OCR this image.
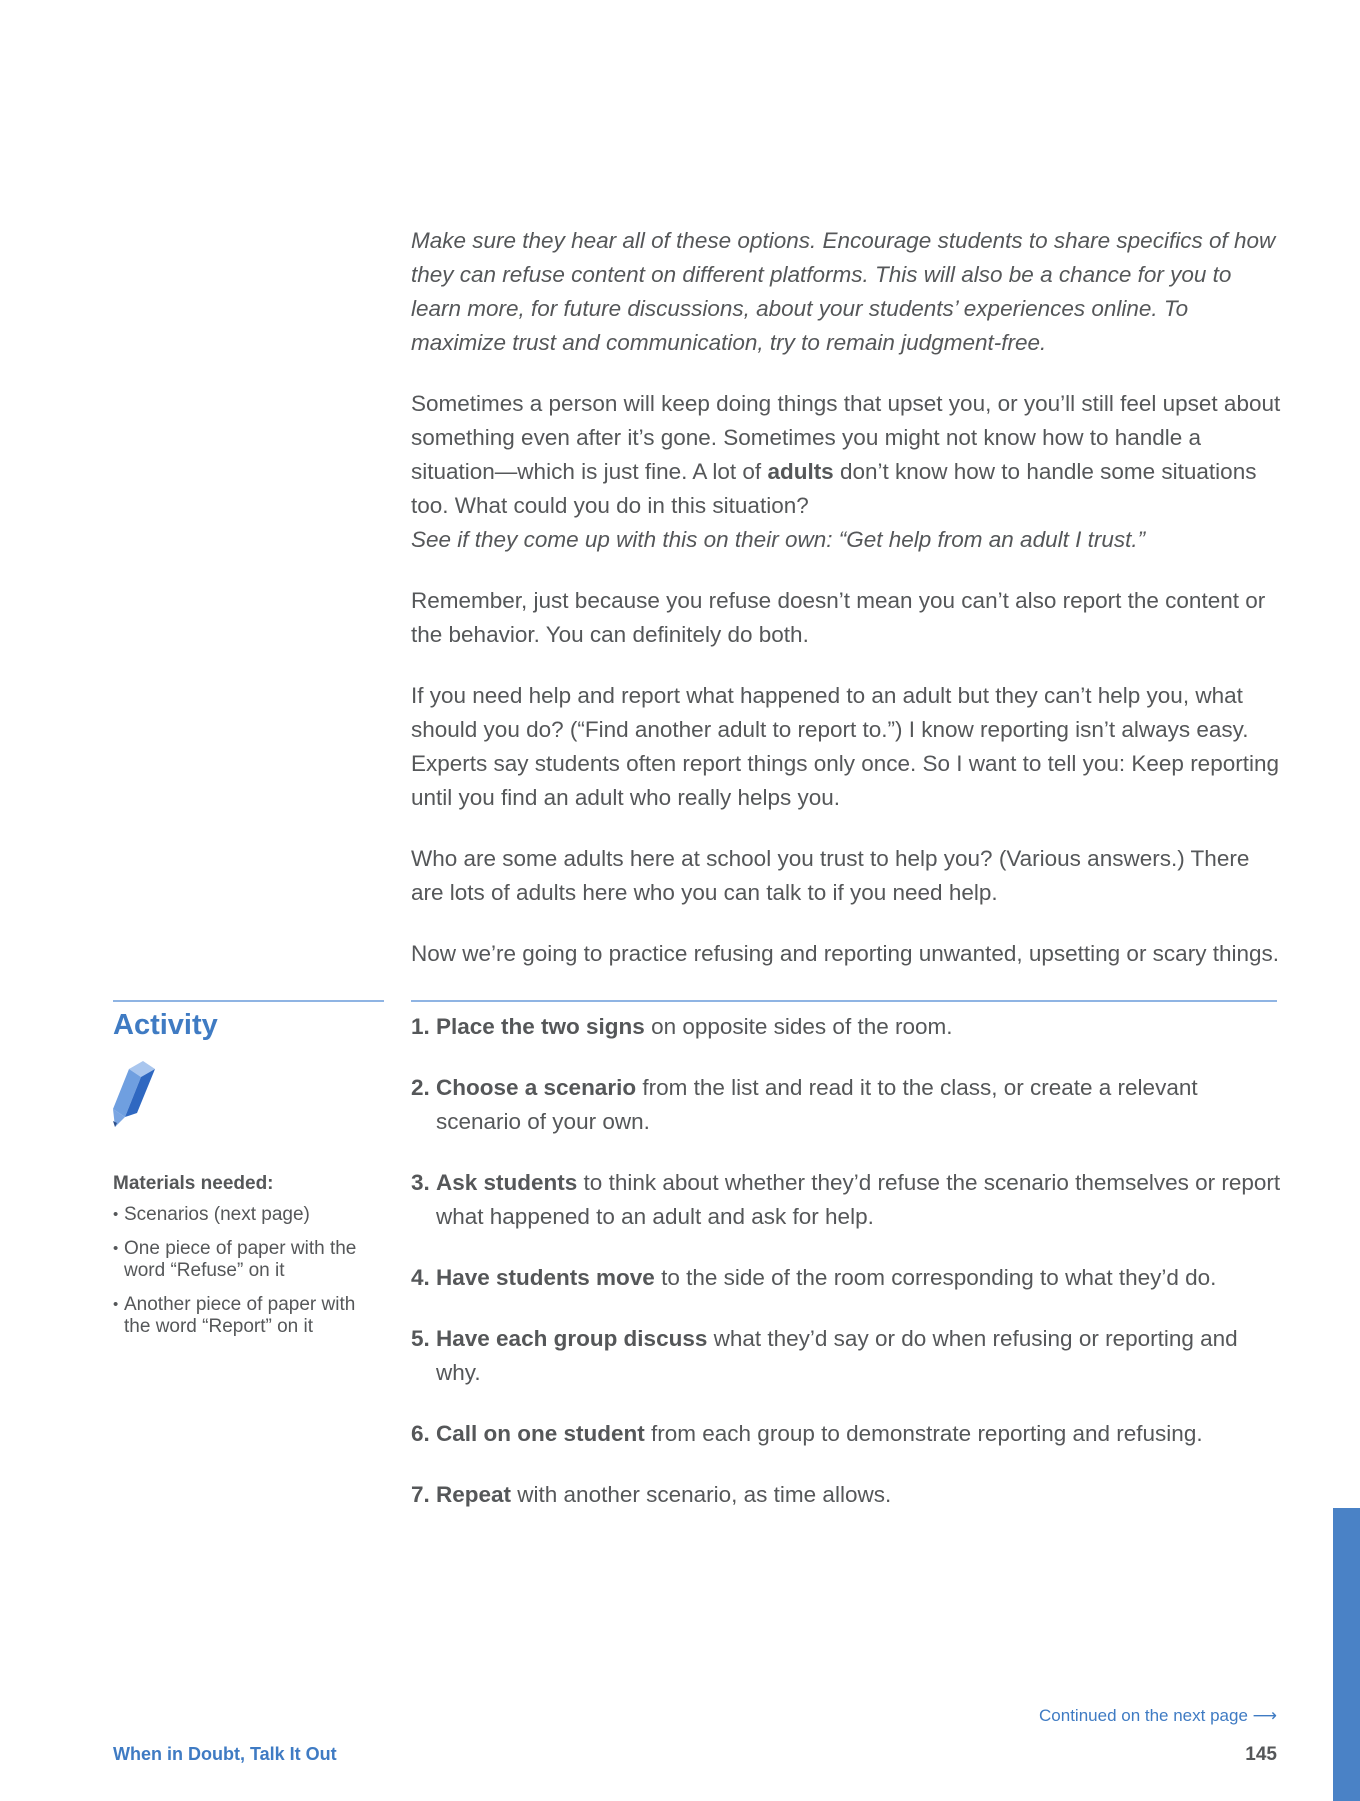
Make sure they hear all of these options. Encourage students to share specifics of how they can refuse content on different platforms. This will also be a chance for you to learn more, for future discussions, about your students’ experiences online. To maximize trust and communication, try to remain judgment-free.

Sometimes a person will keep doing things that upset you, or you’ll still feel upset about something even after it’s gone. Sometimes you might not know how to handle a situation—which is just fine. A lot of adults don’t know how to handle some situations too. What could you do in this situation?
See if they come up with this on their own: “Get help from an adult I trust.”

Remember, just because you refuse doesn’t mean you can’t also report the content or the behavior. You can definitely do both.

If you need help and report what happened to an adult but they can’t help you, what should you do? (“Find another adult to report to.”) I know reporting isn’t always easy. Experts say students often report things only once. So I want to tell you: Keep reporting until you find an adult who really helps you.

Who are some adults here at school you trust to help you? (Various answers.) There are lots of adults here who you can talk to if you need help.

Now we’re going to practice refusing and reporting unwanted, upsetting or scary things.

Activity
Materials needed:
• Scenarios (next page)
• One piece of paper with the word “Refuse” on it
• Another piece of paper with the word “Report” on it
1. Place the two signs on opposite sides of the room.
2. Choose a scenario from the list and read it to the class, or create a relevant scenario of your own.
3. Ask students to think about whether they’d refuse the scenario themselves or report what happened to an adult and ask for help.
4. Have students move to the side of the room corresponding to what they’d do.
5. Have each group discuss what they’d say or do when refusing or reporting and why.
6. Call on one student from each group to demonstrate reporting and refusing.
7. Repeat with another scenario, as time allows.
Continued on the next page ⟶
When in Doubt, Talk It Out	145
